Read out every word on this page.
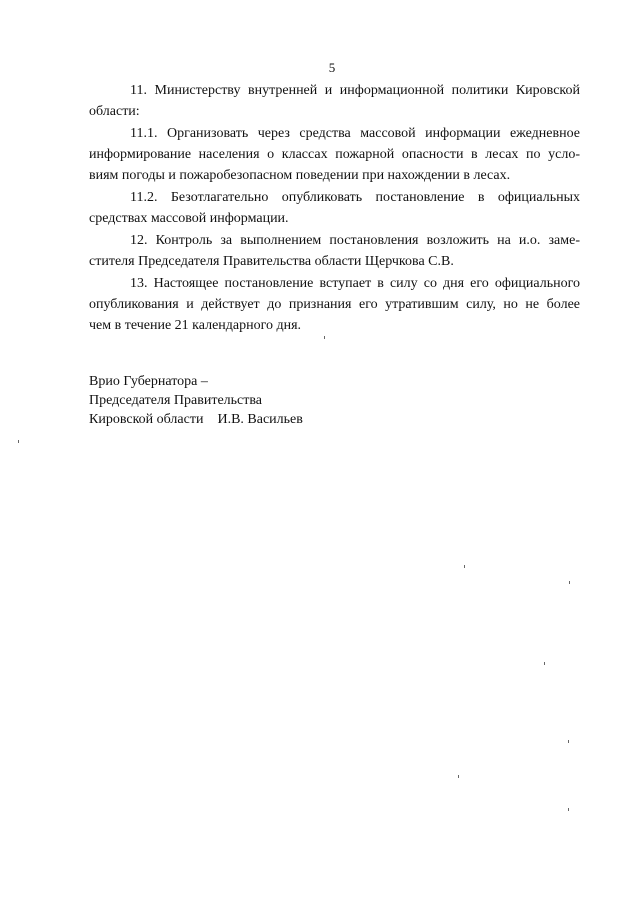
5
11. Министерству внутренней и информационной политики Кировской
области:
11.1. Организовать через средства массовой информации ежедневное
информирование населения о классах пожарной опасности в лесах по усло-
виям погоды и пожаробезопасном поведении при нахождении в лесах.
11.2. Безотлагательно опубликовать постановление в официальных
средствах массовой информации.
12. Контроль за выполнением постановления возложить на и.о. заме-
стителя Председателя Правительства области Щерчкова С.В.
13. Настоящее постановление вступает в силу со дня его официального
опубликования и действует до признания его утратившим силу, но не более
чем в течение 21 календарного дня.
Врио Губернатора –
Председателя Правительства
Кировской области    И.В. Васильев
